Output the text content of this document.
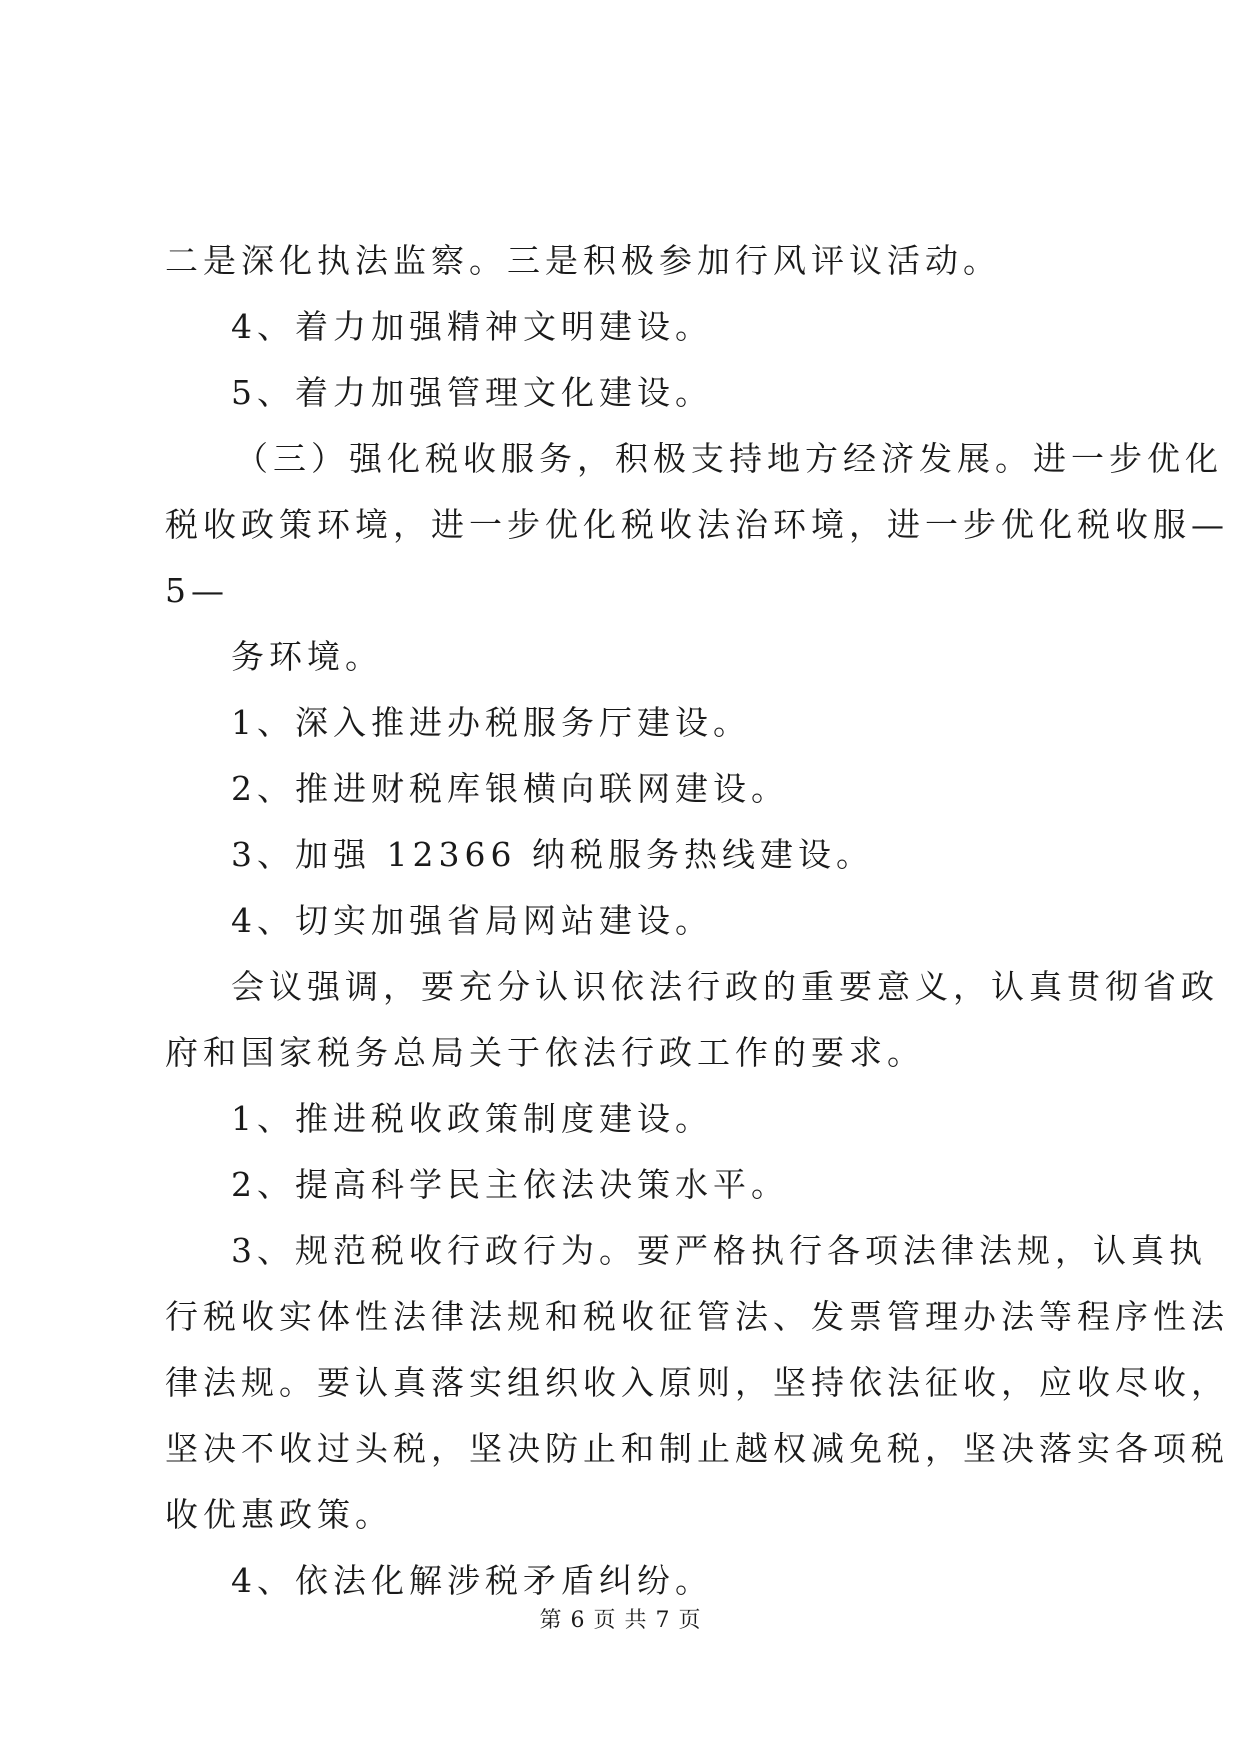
二是深化执法监察。三是积极参加行风评议活动。
4、着力加强精神文明建设。
5、着力加强管理文化建设。
（三）强化税收服务，积极支持地方经济发展。进一步优化
税收政策环境，进一步优化税收法治环境，进一步优化税收服—
5—
务环境。
1、深入推进办税服务厅建设。
2、推进财税库银横向联网建设。
3、加强 12366 纳税服务热线建设。
4、切实加强省局网站建设。
会议强调，要充分认识依法行政的重要意义，认真贯彻省政
府和国家税务总局关于依法行政工作的要求。
1、推进税收政策制度建设。
2、提高科学民主依法决策水平。
3、规范税收行政行为。要严格执行各项法律法规，认真执
行税收实体性法律法规和税收征管法、发票管理办法等程序性法
律法规。要认真落实组织收入原则，坚持依法征收，应收尽收，
坚决不收过头税，坚决防止和制止越权减免税，坚决落实各项税
收优惠政策。
4、依法化解涉税矛盾纠纷。
第 6 页 共 7 页
